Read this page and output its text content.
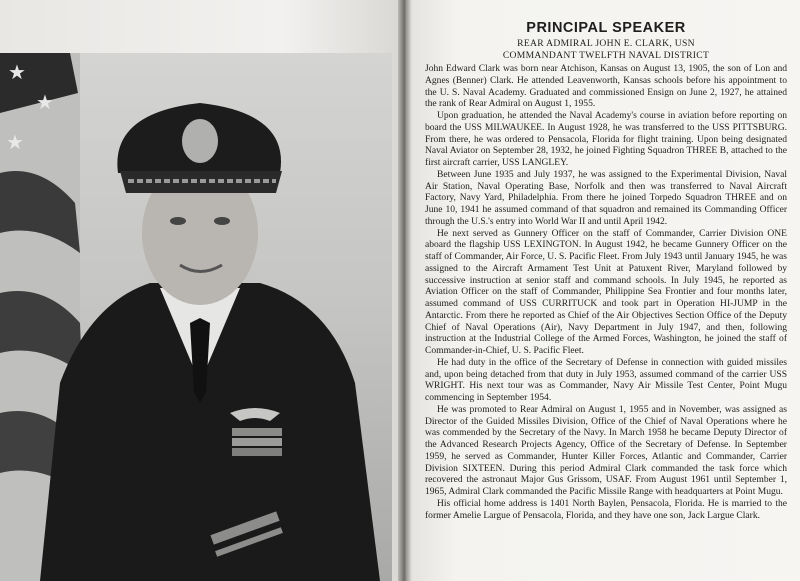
★
★
★
PRINCIPAL SPEAKER

REAR ADMIRAL JOHN E. CLARK, USN

COMMANDANT TWELFTH NAVAL DISTRICT

John Edward Clark was born near Atchison, Kansas on August 13, 1905, the son of Lon and Agnes (Benner) Clark. He attended Leavenworth, Kansas schools before his appointment to the U. S. Naval Academy. Graduated and commissioned Ensign on June 2, 1927, he attained the rank of Rear Admiral on August 1, 1955.

Upon graduation, he attended the Naval Academy's course in aviation before reporting on board the USS MILWAUKEE. In August 1928, he was transferred to the USS PITTSBURG. From there, he was ordered to Pensacola, Florida for flight training. Upon being designated Naval Aviator on September 28, 1932, he joined Fighting Squadron THREE B, attached to the first aircraft carrier, USS LANGLEY.

Between June 1935 and July 1937, he was assigned to the Experimental Division, Naval Air Station, Naval Operating Base, Norfolk and then was transferred to Naval Aircraft Factory, Navy Yard, Philadelphia. From there he joined Torpedo Squadron THREE and on June 10, 1941 he assumed command of that squadron and remained its Commanding Officer through the U.S.'s entry into World War II and until April 1942.

He next served as Gunnery Officer on the staff of Commander, Carrier Division ONE aboard the flagship USS LEXINGTON. In August 1942, he became Gunnery Officer on the staff of Commander, Air Force, U. S. Pacific Fleet. From July 1943 until January 1945, he was assigned to the Aircraft Armament Test Unit at Patuxent River, Maryland followed by successive instruction at senior staff and command schools. In July 1945, he reported as Aviation Officer on the staff of Commander, Philippine Sea Frontier and four months later, assumed command of USS CURRITUCK and took part in Operation HI-JUMP in the Antarctic. From there he reported as Chief of the Air Objectives Section Office of the Deputy Chief of Naval Operations (Air), Navy Department in July 1947, and then, following instruction at the Industrial College of the Armed Forces, Washington, he joined the staff of Commander-in-Chief, U. S. Pacific Fleet.

He had duty in the office of the Secretary of Defense in connection with guided missiles and, upon being detached from that duty in July 1953, assumed command of the carrier USS WRIGHT. His next tour was as Commander, Navy Air Missile Test Center, Point Mugu commencing in September 1954.

He was promoted to Rear Admiral on August 1, 1955 and in November, was assigned as Director of the Guided Missiles Division, Office of the Chief of Naval Operations where he was commended by the Secretary of the Navy. In March 1958 he became Deputy Director of the Advanced Research Projects Agency, Office of the Secretary of Defense. In September 1959, he served as Commander, Hunter Killer Forces, Atlantic and Commander, Carrier Division SIXTEEN. During this period Admiral Clark commanded the task force which recovered the astronaut Major Gus Grissom, USAF. From August 1961 until September 1, 1965, Admiral Clark commanded the Pacific Missile Range with headquarters at Point Mugu.

His official home address is 1401 North Baylen, Pensacola, Florida. He is married to the former Amelie Largue of Pensacola, Florida, and they have one son, Jack Largue Clark.
